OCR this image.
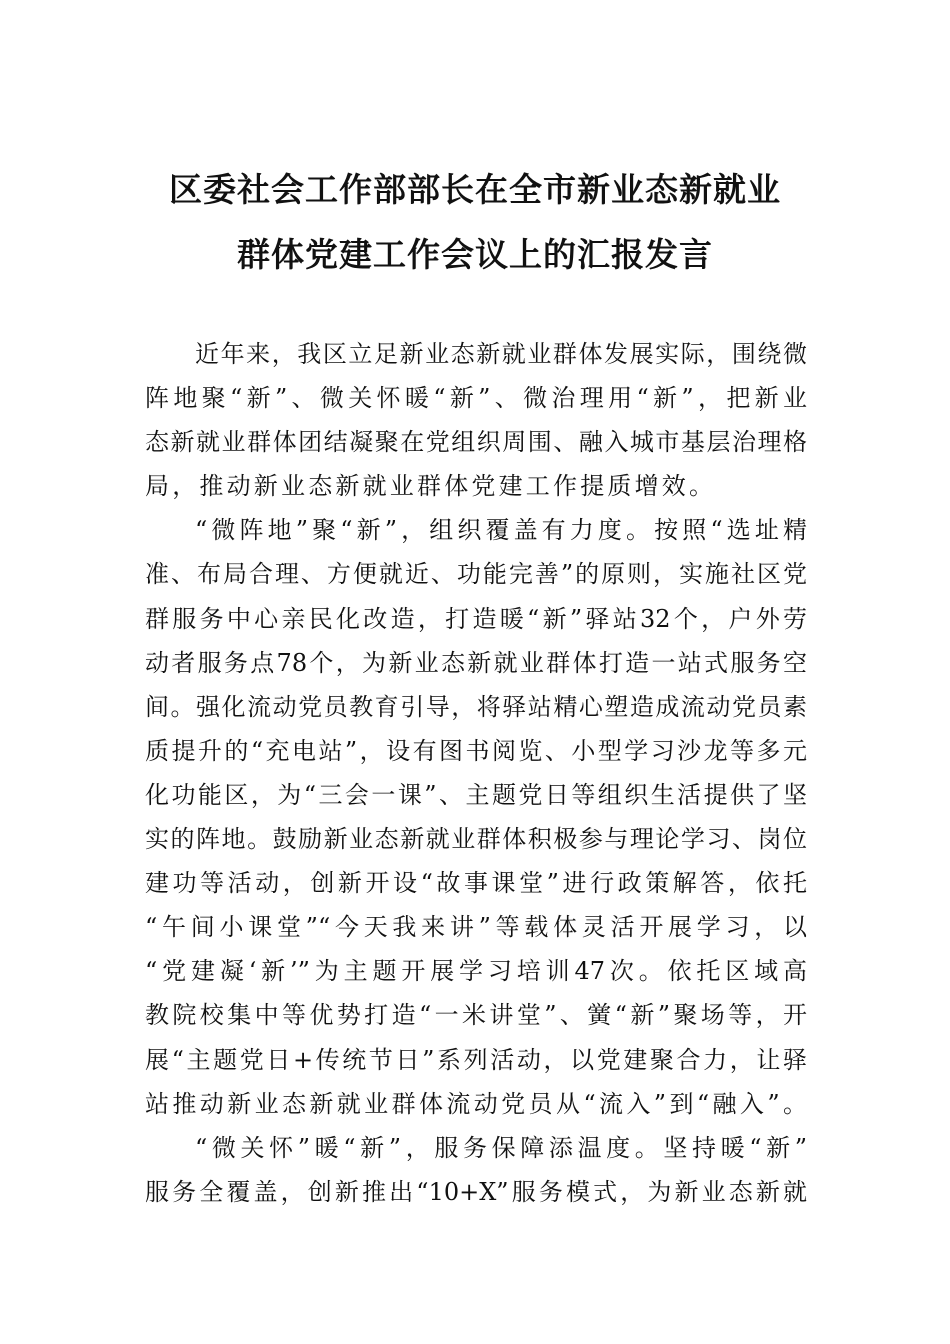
区委社会工作部部长在全市新业态新就业
群体党建工作会议上的汇报发言
近年来，我区立足新业态新就业群体发展实际，围绕微
阵地聚“新”、微关怀暖“新”、微治理用“新”，把新业
态新就业群体团结凝聚在党组织周围、融入城市基层治理格
局，推动新业态新就业群体党建工作提质增效。
“微阵地”聚“新”，组织覆盖有力度。按照“选址精
准、布局合理、方便就近、功能完善”的原则，实施社区党
群服务中心亲民化改造，打造暖“新”驿站32个，户外劳
动者服务点78个，为新业态新就业群体打造一站式服务空
间。强化流动党员教育引导，将驿站精心塑造成流动党员素
质提升的“充电站”，设有图书阅览、小型学习沙龙等多元
化功能区，为“三会一课”、主题党日等组织生活提供了坚
实的阵地。鼓励新业态新就业群体积极参与理论学习、岗位
建功等活动，创新开设“故事课堂”进行政策解答，依托
“午间小课堂”“今天我来讲”等载体灵活开展学习，以
“党建凝‘新’”为主题开展学习培训47次。依托区域高
教院校集中等优势打造“一米讲堂”、黉“新”聚场等，开
展“主题党日+传统节日”系列活动，以党建聚合力，让驿
站推动新业态新就业群体流动党员从“流入”到“融入”。
“微关怀”暖“新”，服务保障添温度。坚持暖“新”
服务全覆盖，创新推出“10+X”服务模式，为新业态新就
